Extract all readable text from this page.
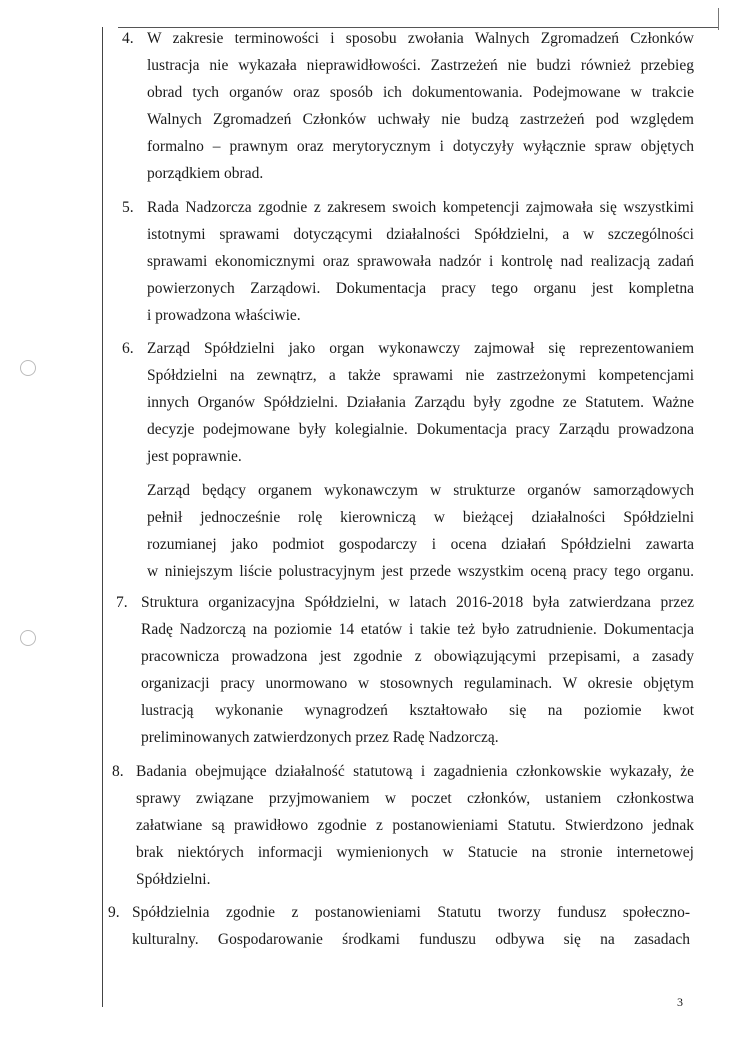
4. W zakresie terminowości i sposobu zwołania Walnych Zgromadzeń Członków
lustracja nie wykazała nieprawidłowości. Zastrzeżeń nie budzi również przebieg
obrad tych organów oraz sposób ich dokumentowania. Podejmowane w trakcie
Walnych Zgromadzeń Członków uchwały nie budzą zastrzeżeń pod względem
formalno – prawnym oraz merytorycznym i dotyczyły wyłącznie spraw objętych
porządkiem obrad.
5. Rada Nadzorcza zgodnie z zakresem swoich kompetencji zajmowała się wszystkimi
istotnymi sprawami dotyczącymi działalności Spółdzielni, a w szczególności
sprawami ekonomicznymi oraz sprawowała nadzór i kontrolę nad realizacją zadań
powierzonych Zarządowi. Dokumentacja pracy tego organu jest kompletna
i prowadzona właściwie.
6. Zarząd Spółdzielni jako organ wykonawczy zajmował się reprezentowaniem
Spółdzielni na zewnątrz, a także sprawami nie zastrzeżonymi kompetencjami
innych Organów Spółdzielni. Działania Zarządu były zgodne ze Statutem. Ważne
decyzje podejmowane były kolegialnie. Dokumentacja pracy Zarządu prowadzona
jest poprawnie.
Zarząd będący organem wykonawczym w strukturze organów samorządowych
pełnił jednocześnie rolę kierowniczą w bieżącej działalności Spółdzielni
rozumianej jako podmiot gospodarczy i ocena działań Spółdzielni zawarta
w niniejszym liście polustracyjnym jest przede wszystkim oceną pracy tego organu.
7. Struktura organizacyjna Spółdzielni, w latach 2016-2018 była zatwierdzana przez
Radę Nadzorczą na poziomie 14 etatów i takie też było zatrudnienie. Dokumentacja
pracownicza prowadzona jest zgodnie z obowiązującymi przepisami, a zasady
organizacji pracy unormowano w stosownych regulaminach. W okresie objętym
lustracją wykonanie wynagrodzeń kształtowało się na poziomie kwot
preliminowanych zatwierdzonych przez Radę Nadzorczą.
8. Badania obejmujące działalność statutową i zagadnienia członkowskie wykazały, że
sprawy związane przyjmowaniem w poczet członków, ustaniem członkostwa
załatwiane są prawidłowo zgodnie z postanowieniami Statutu. Stwierdzono jednak
brak niektórych informacji wymienionych w Statucie na stronie internetowej
Spółdzielni.
9. Spółdzielnia zgodnie z postanowieniami Statutu tworzy fundusz społeczno-
kulturalny. Gospodarowanie środkami funduszu odbywa się na zasadach
3
